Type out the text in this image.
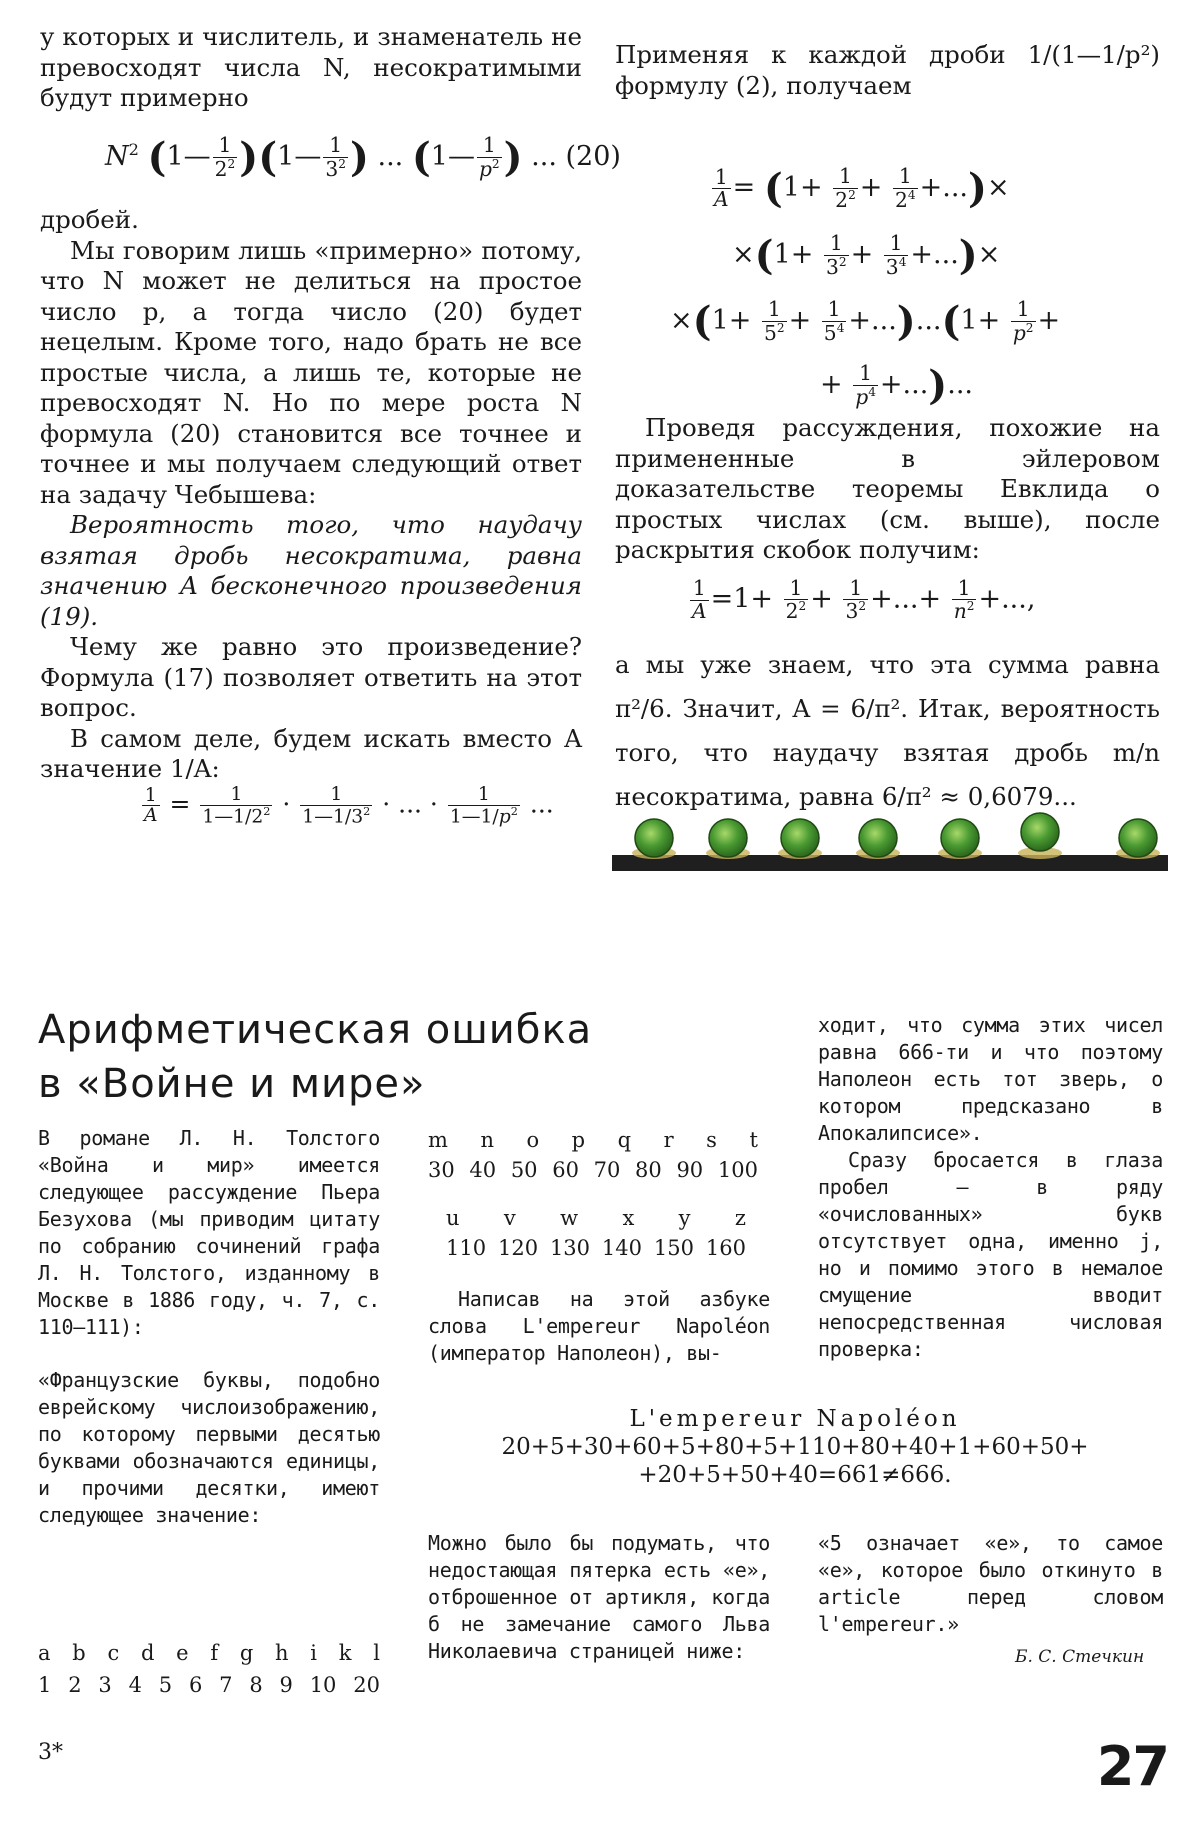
у которых и числитель, и знаменатель не превосходят числа N, несократимыми будут примерно

$N^2$ (1— $\frac{1}{2^2}$ )(1— $\frac{1}{3^2}$ ) ... (1— $\frac{1}{p^2}$ ) ... (20)

дробей.

Мы говорим лишь «примерно» потому, что N может не делиться на простое число p, а тогда число (20) будет нецелым. Кроме того, надо брать не все простые числа, а лишь те, которые не превосходят N. Но по мере роста N формула (20) становится все точнее и точнее и мы получаем следующий ответ на задачу Чебышева:

Вероятность того, что наудачу взятая дробь несократима, равна значению A бесконечного произведения (19).

Чему же равно это произведение? Формула (17) позволяет ответить на этот вопрос.

В самом деле, будем искать вместо A значение 1/A:

$\frac{1}{A} = \frac{1}{1—1/2^2} \cdot \frac{1}{1—1/3^2}$ · ... · $\frac{1}{1—1/p^2}$ ...

Применяя к каждой дроби 1/(1—1/p²) формулу (2), получаем

$\frac{1}{A} = (1+ \frac{1}{2^2} + \frac{1}{2^4}$ +...)×
$\times(1+ \frac{1}{3^2} + \frac{1}{3^4}$ +...)×
$\times(1+ \frac{1}{5^2} + \frac{1}{5^4} +...)...(1+ \frac{1}{p^2}$ +
+ $\frac{1}{p^4}$ +...)...

Проведя рассуждения, похожие на примененные в эйлеровом доказательстве теоремы Евклида о простых числах (см. выше), после раскрытия скобок получим:

$\frac{1}{A} =1+ \frac{1}{2^2} + \frac{1}{3^2}$ +...+ $\frac{1}{n^2}$ +...,

а мы уже знаем, что эта сумма равна π²/6. Значит, A = 6/π². Итак, вероятность того, что наудачу взятая дробь m/n несократима, равна 6/π² ≈ 0,6079...

Арифметическая ошибка
в «Войне и мире»

В романе Л. Н. Толстого «Война и мир» имеется следующее рассуждение Пьера Безухова (мы приводим цитату по собранию сочинений графа Л. Н. Толстого, изданному в Москве в 1886 году, ч. 7, с. 110—111):

«Французские буквы, подобно еврейскому числоизображению, по которому первыми десятью буквами обозначаются единицы, и прочими десятки, имеют следующее значение:

a b c d e f g h i k l
1 2 3 4 5 6 7 8 9 10 20
m n o p q r s t
30 40 50 60 70 80 90 100
u v w x y z
110 120 130 140 150 160

Написав на этой азбуке слова L'empereur Napoléon (император Наполеон), вы-

ходит, что сумма этих чисел равна 666-ти и что поэтому Наполеон есть тот зверь, о котором предсказано в Апокалипсисе».

Сразу бросается в глаза пробел — в ряду «очислованных» букв отсутствует одна, именно j, но и помимо этого в немалое смущение вводит непосредственная числовая проверка:

L'empereur Napoléon
20+5+30+60+5+80+5+110+80+40+1+60+50+
+20+5+50+40=661≠666.

Можно было бы подумать, что недостающая пятерка есть «е», отброшенное от артикля, когда б не замечание самого Льва Николаевича страницей ниже:

«5 означает «е», то самое «е», которое было откинуто в article перед словом l'empereur.»

Б. С. Стечкин
3*	27
